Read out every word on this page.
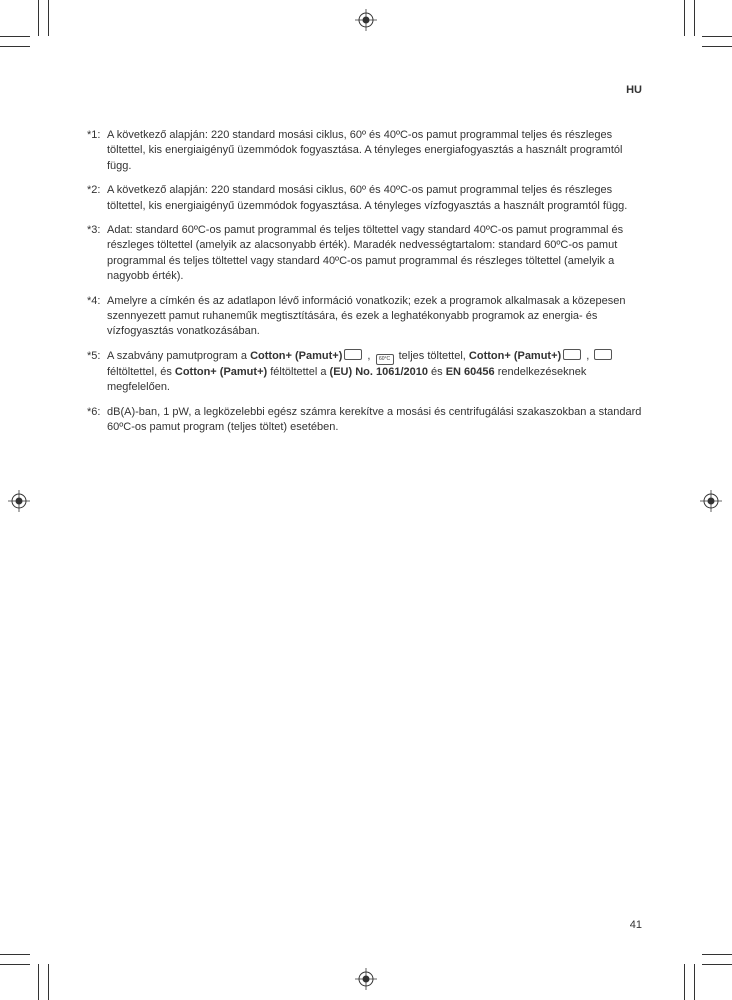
HU
*1: A következő alapján: 220 standard mosási ciklus, 60º és 40ºC-os pamut programmal teljes és részleges töltettel, kis energiaigényű üzemmódok fogyasztása. A tényleges energiafogyasztás a használt programtól függ.
*2: A következő alapján: 220 standard mosási ciklus, 60º és 40ºC-os pamut programmal teljes és részleges töltettel, kis energiaigényű üzemmódok fogyasztása. A tényleges vízfogyasztás a használt programtól függ.
*3: Adat: standard 60ºC-os pamut programmal és teljes töltettel vagy standard 40ºC-os pamut programmal és részleges töltettel (amelyik az alacsonyabb érték). Maradék nedvességtartalom: standard 60ºC-os pamut programmal és teljes töltettel vagy standard 40ºC-os pamut programmal és részleges töltettel (amelyik a nagyobb érték).
*4: Amelyre a címkén és az adatlapon lévő információ vonatkozik; ezek a programok alkalmasak a közepesen szennyezett pamut ruhaneműk megtisztítására, és ezek a leghatékonyabb programok az energia- és vízfogyasztás vonatkozásában.
*5: A szabvány pamutprogram a Cotton+ (Pamut+) , 60°C teljes töltettel, Cotton+ (Pamut+) ,  féltöltettel, és Cotton+ (Pamut+) féltöltettel a (EU) No. 1061/2010 és EN 60456 rendelkezéseknek megfelelően.
*6: dB(A)-ban, 1 pW, a legközelebbi egész számra kerekítve a mosási és centrifugálási szakaszokban a standard 60ºC-os pamut program (teljes töltet) esetében.
41
